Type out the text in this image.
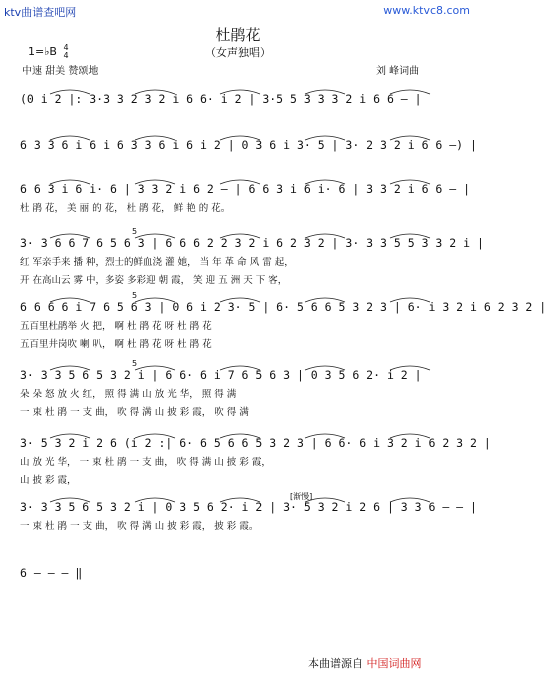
ktv曲谱查吧网	www.ktvc8.com
杜鹃花
（女声独唱）
1=♭B 4
4
中速 甜美 赞颂地	刘 峰词曲
(0 i 2 |: 3·3 3 2 3 2 i 6 6· i 2 | 3·5 5 3 3 3 2 i 6 6 — |
6 3 3 6 i 6 i 6 3 3 6 i 6 i 2 | 0 3 6 i 3· 5 | 3· 2 3 2 i 6 6 —) |
6 6 3 i 6 i· 6 | 3 3 2 i 6 2 — | 6 6 3 i 6 i· 6 | 3 3 2 i 6 6 — |
杜 鹃 花， 美 丽 的 花， 杜 鹃 花， 鲜 艳 的 花。
5
3· 3 6 6 7 6 5 6 3 | 6 6 6 2 2 3 2 i 6 2 3 2 | 3· 3 3 5 5 3 3 2 i |
红 军亲手来 播 种，烈士的鲜血浇 灌 她， 当 年 革 命 风 雷 起，
开 在高山云 雾 中，多姿 多彩迎 朝 霞， 笑 迎 五 洲 天 下 客，
5
6 6 6 6 i 7 6 5 6 3 | 0 6 i 2 3· 5 | 6· 5 6 6 5 3 2 3 | 6· i 3 2 i 6 2 3 2 |
五百里杜鹃举 火 把， 啊 杜 鹃 花 呀 杜 鹃 花
五百里井岗吹 喇 叭， 啊 杜 鹃 花 呀 杜 鹃 花
5
3· 3 3 5 6 5 3 2 i | 6 6· 6 i 7 6 5 6 3 | 0 3 5 6 2· i 2 |
朵 朵 怒 放 火 红， 照 得 满 山 放 光 华， 照 得 满
一 束 杜 鹃 一 支 曲， 吹 得 满 山 披 彩 霞， 吹 得 满
3· 5 3 2 i 2 6 (i 2 :| 6· 6 5 6 6 5 3 2 3 | 6 6· 6 i 3 2 i 6 2 3 2 |
山 放 光 华， 一 束 杜 鹃 一 支 曲， 吹 得 满 山 披 彩 霞，
山 披 彩 霞，
[渐慢]
3· 3 3 5 6 5 3 2 i | 0 3 5 6 2· i 2 | 3· 5 3 2 i 2 6 | 3 3 6 — — |
一 束 杜 鹃 一 支 曲， 吹 得 满 山 披 彩 霞， 披 彩 霞。
6 — — — ‖
本曲谱源自 中国词曲网
